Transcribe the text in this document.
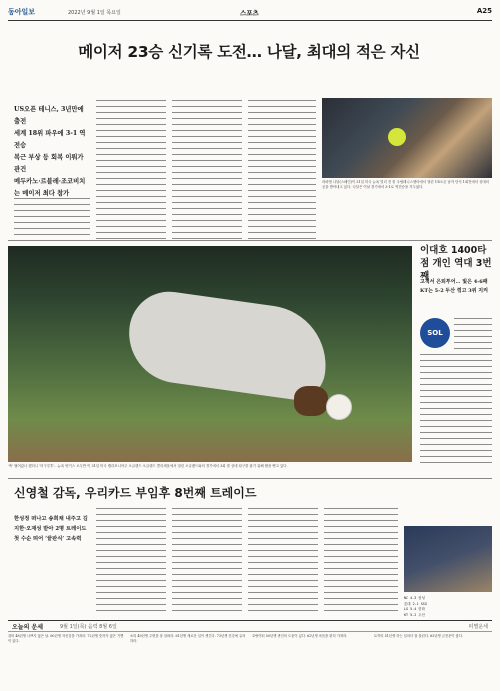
동아일보	2022년 9월 1일 목요일	스포츠	A25
메이저 23승 신기록 도전… 나달, 최대의 적은 자신
US오픈 테니스, 3년만에 출전
세계 18위 파우에 3-1 역전승
복근 부상 등 회복 이뤄가 관건
메두카노·르블레·조코비치는 메이저 최다 참가
라파엘 나달(스페인)이 31일 미국 뉴욕 빌리 진 킹 국립테니스센터에서 열린 US오픈 남자 단식 1회전에서 상대의 공을 받아내고 있다. 나달은 이날 경기에서 3-1로 역전승을 거두었다.
'축' 뛸어갔나 했더니 '미구루후'…뉴욕 양키스 오두반 이 31일 미국 캘리포니아주 오클랜드 오클랜드 콜리세움에서 열린 오클랜드와의 경기에서 3회 말 상대 타구를 잡기 위해 팔을 뻗고 있다.
이대호 1400타점 개인 역대 3번째
고척서 은퇴투어… 빛은 4-6패 KT는 5-2 두산 꺾고 3위 지켜
SOL
신영철 감독, 우리카드 부임후 8번째 트레이드
한성정 떠나고 송희채 내주고 김지한·오재성 받아 2명 트레이드 첫 수순 띄어 ‘끝판식’ 고속력
NC 4-3 삼성
롯데 2-1 SSG
LG 5-4 한화
KT 5-2 두산
오늘의 운세	9월 1일(목) 음력 8월 6일	띠별운세
쥐띠 48년생 나쁘지 않은 날. 60년생 자신감을 가져라. 72년생 뜻하지 않은 기쁨이 있다.
소띠 49년생 주변을 잘 살펴라. 61년생 새로운 일이 생긴다. 73년생 건강에 유의하라.
호랑이띠 50년생 귀인의 도움이 있다. 62년생 마음을 편히 가져라.	토끼띠 51년생 하는 일마다 잘 풀린다. 63년생 금전운이 좋다.
